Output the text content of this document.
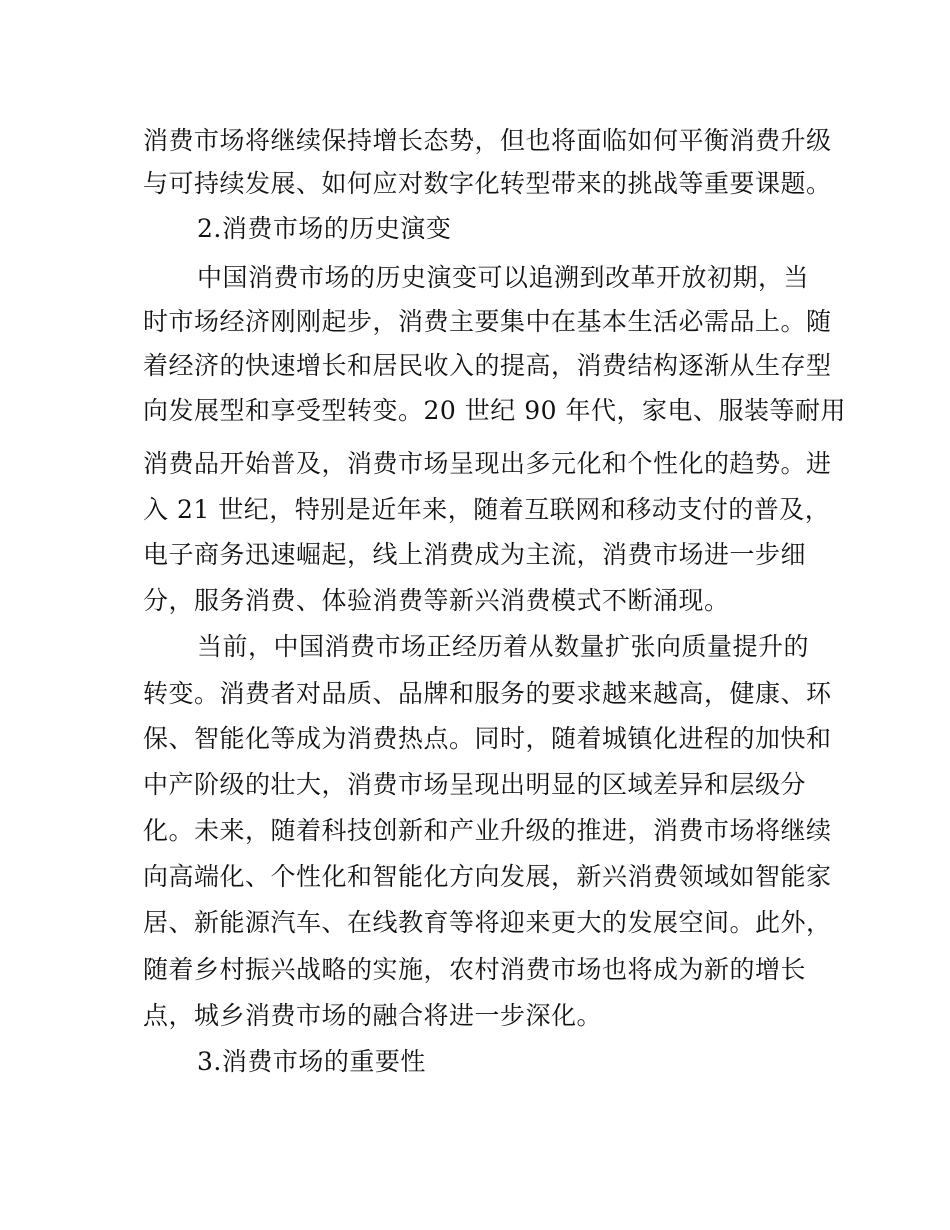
消费市场将继续保持增长态势，但也将面临如何平衡消费升级
与可持续发展、如何应对数字化转型带来的挑战等重要课题。
2.消费市场的历史演变
中国消费市场的历史演变可以追溯到改革开放初期，当
时市场经济刚刚起步，消费主要集中在基本生活必需品上。随
着经济的快速增长和居民收入的提高，消费结构逐渐从生存型
向发展型和享受型转变。20 世纪 90 年代，家电、服装等耐用
消费品开始普及，消费市场呈现出多元化和个性化的趋势。进
入 21 世纪，特别是近年来，随着互联网和移动支付的普及，
电子商务迅速崛起，线上消费成为主流，消费市场进一步细
分，服务消费、体验消费等新兴消费模式不断涌现。
当前，中国消费市场正经历着从数量扩张向质量提升的
转变。消费者对品质、品牌和服务的要求越来越高，健康、环
保、智能化等成为消费热点。同时，随着城镇化进程的加快和
中产阶级的壮大，消费市场呈现出明显的区域差异和层级分
化。未来，随着科技创新和产业升级的推进，消费市场将继续
向高端化、个性化和智能化方向发展，新兴消费领域如智能家
居、新能源汽车、在线教育等将迎来更大的发展空间。此外，
随着乡村振兴战略的实施，农村消费市场也将成为新的增长
点，城乡消费市场的融合将进一步深化。
3.消费市场的重要性
